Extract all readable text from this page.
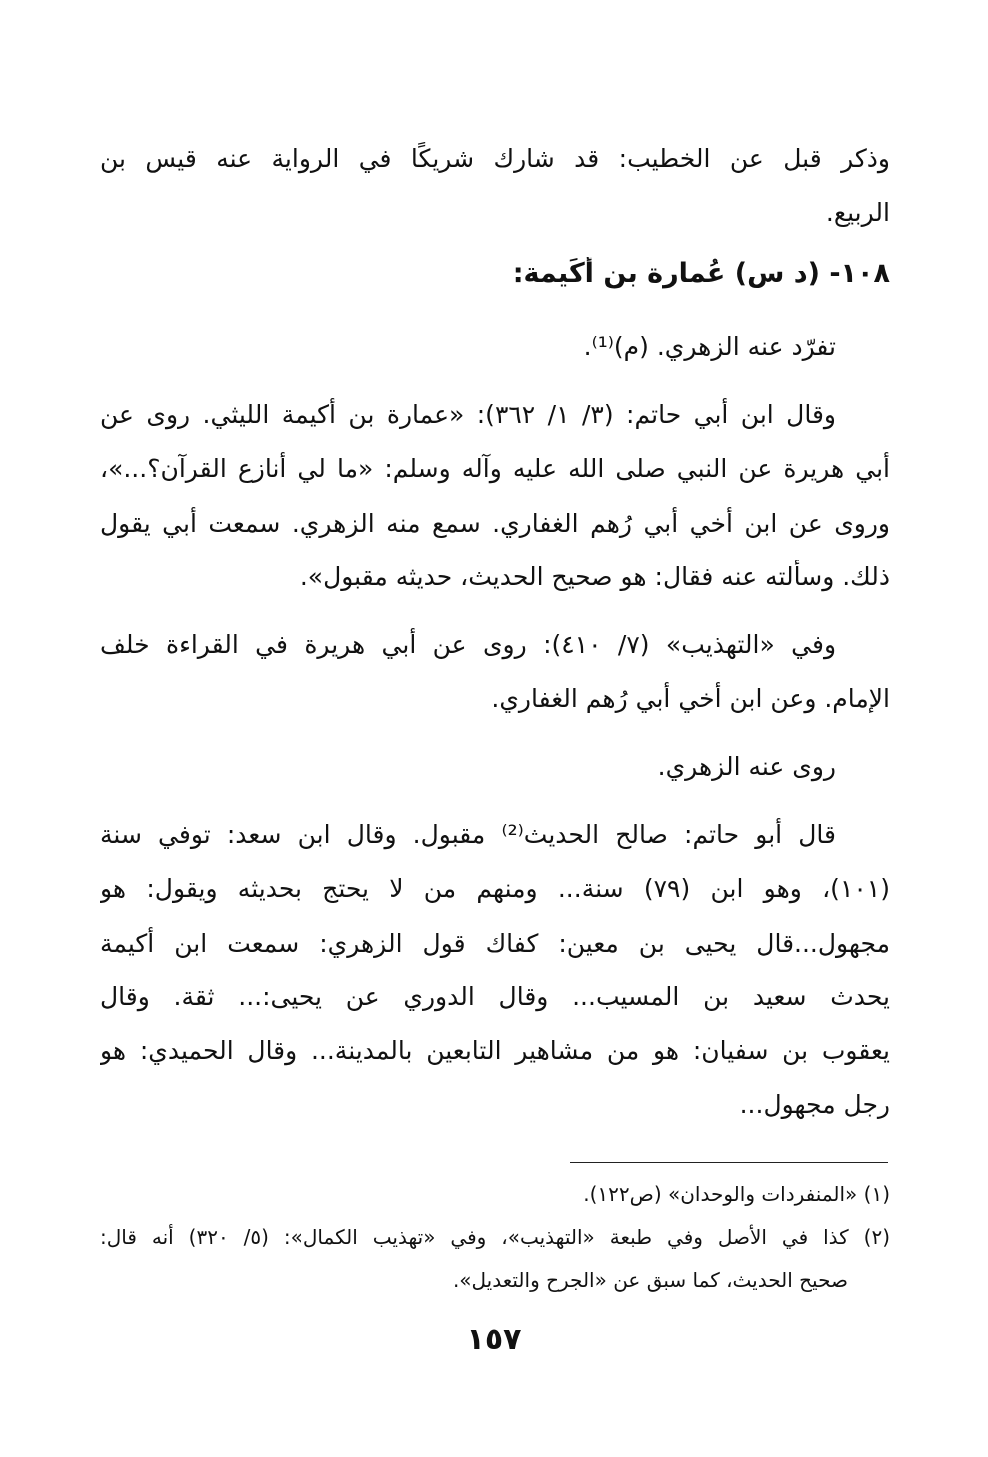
وذكر قبل عن الخطيب: قد شارك شريكًا في الرواية عنه قيس بن
الربيع.
١٠٨- (د س) عُمارة بن أُكَيمة:
تفرّد عنه الزهري. (م)⁽¹⁾.
وقال ابن أبي حاتم: (٣/ ١/ ٣٦٢): «عمارة بن أكيمة الليثي. روى عن
أبي هريرة عن النبي صلى الله عليه وآله وسلم: «ما لي أنازع القرآن؟...»،
وروى عن ابن أخي أبي رُهم الغفاري. سمع منه الزهري. سمعت أبي يقول
ذلك. وسألته عنه فقال: هو صحيح الحديث، حديثه مقبول».
وفي «التهذيب» (٧/ ٤١٠): روى عن أبي هريرة في القراءة خلف
الإمام. وعن ابن أخي أبي رُهم الغفاري.
روى عنه الزهري.
قال أبو حاتم: صالح الحديث⁽²⁾ مقبول. وقال ابن سعد: توفي سنة
(١٠١)، وهو ابن (٧٩) سنة... ومنهم من لا يحتج بحديثه ويقول: هو
مجهول...قال يحيى بن معين: كفاك قول الزهري: سمعت ابن أكيمة
يحدث سعيد بن المسيب... وقال الدوري عن يحيى:... ثقة. وقال
يعقوب بن سفيان: هو من مشاهير التابعين بالمدينة... وقال الحميدي: هو
رجل مجهول...
(١) «المنفردات والوحدان» (ص١٢٢).
(٢) كذا في الأصل وفي طبعة «التهذيب»، وفي «تهذيب الكمال»: (٥/ ٣٢٠) أنه قال:
صحيح الحديث، كما سبق عن «الجرح والتعديل».
١٥٧
